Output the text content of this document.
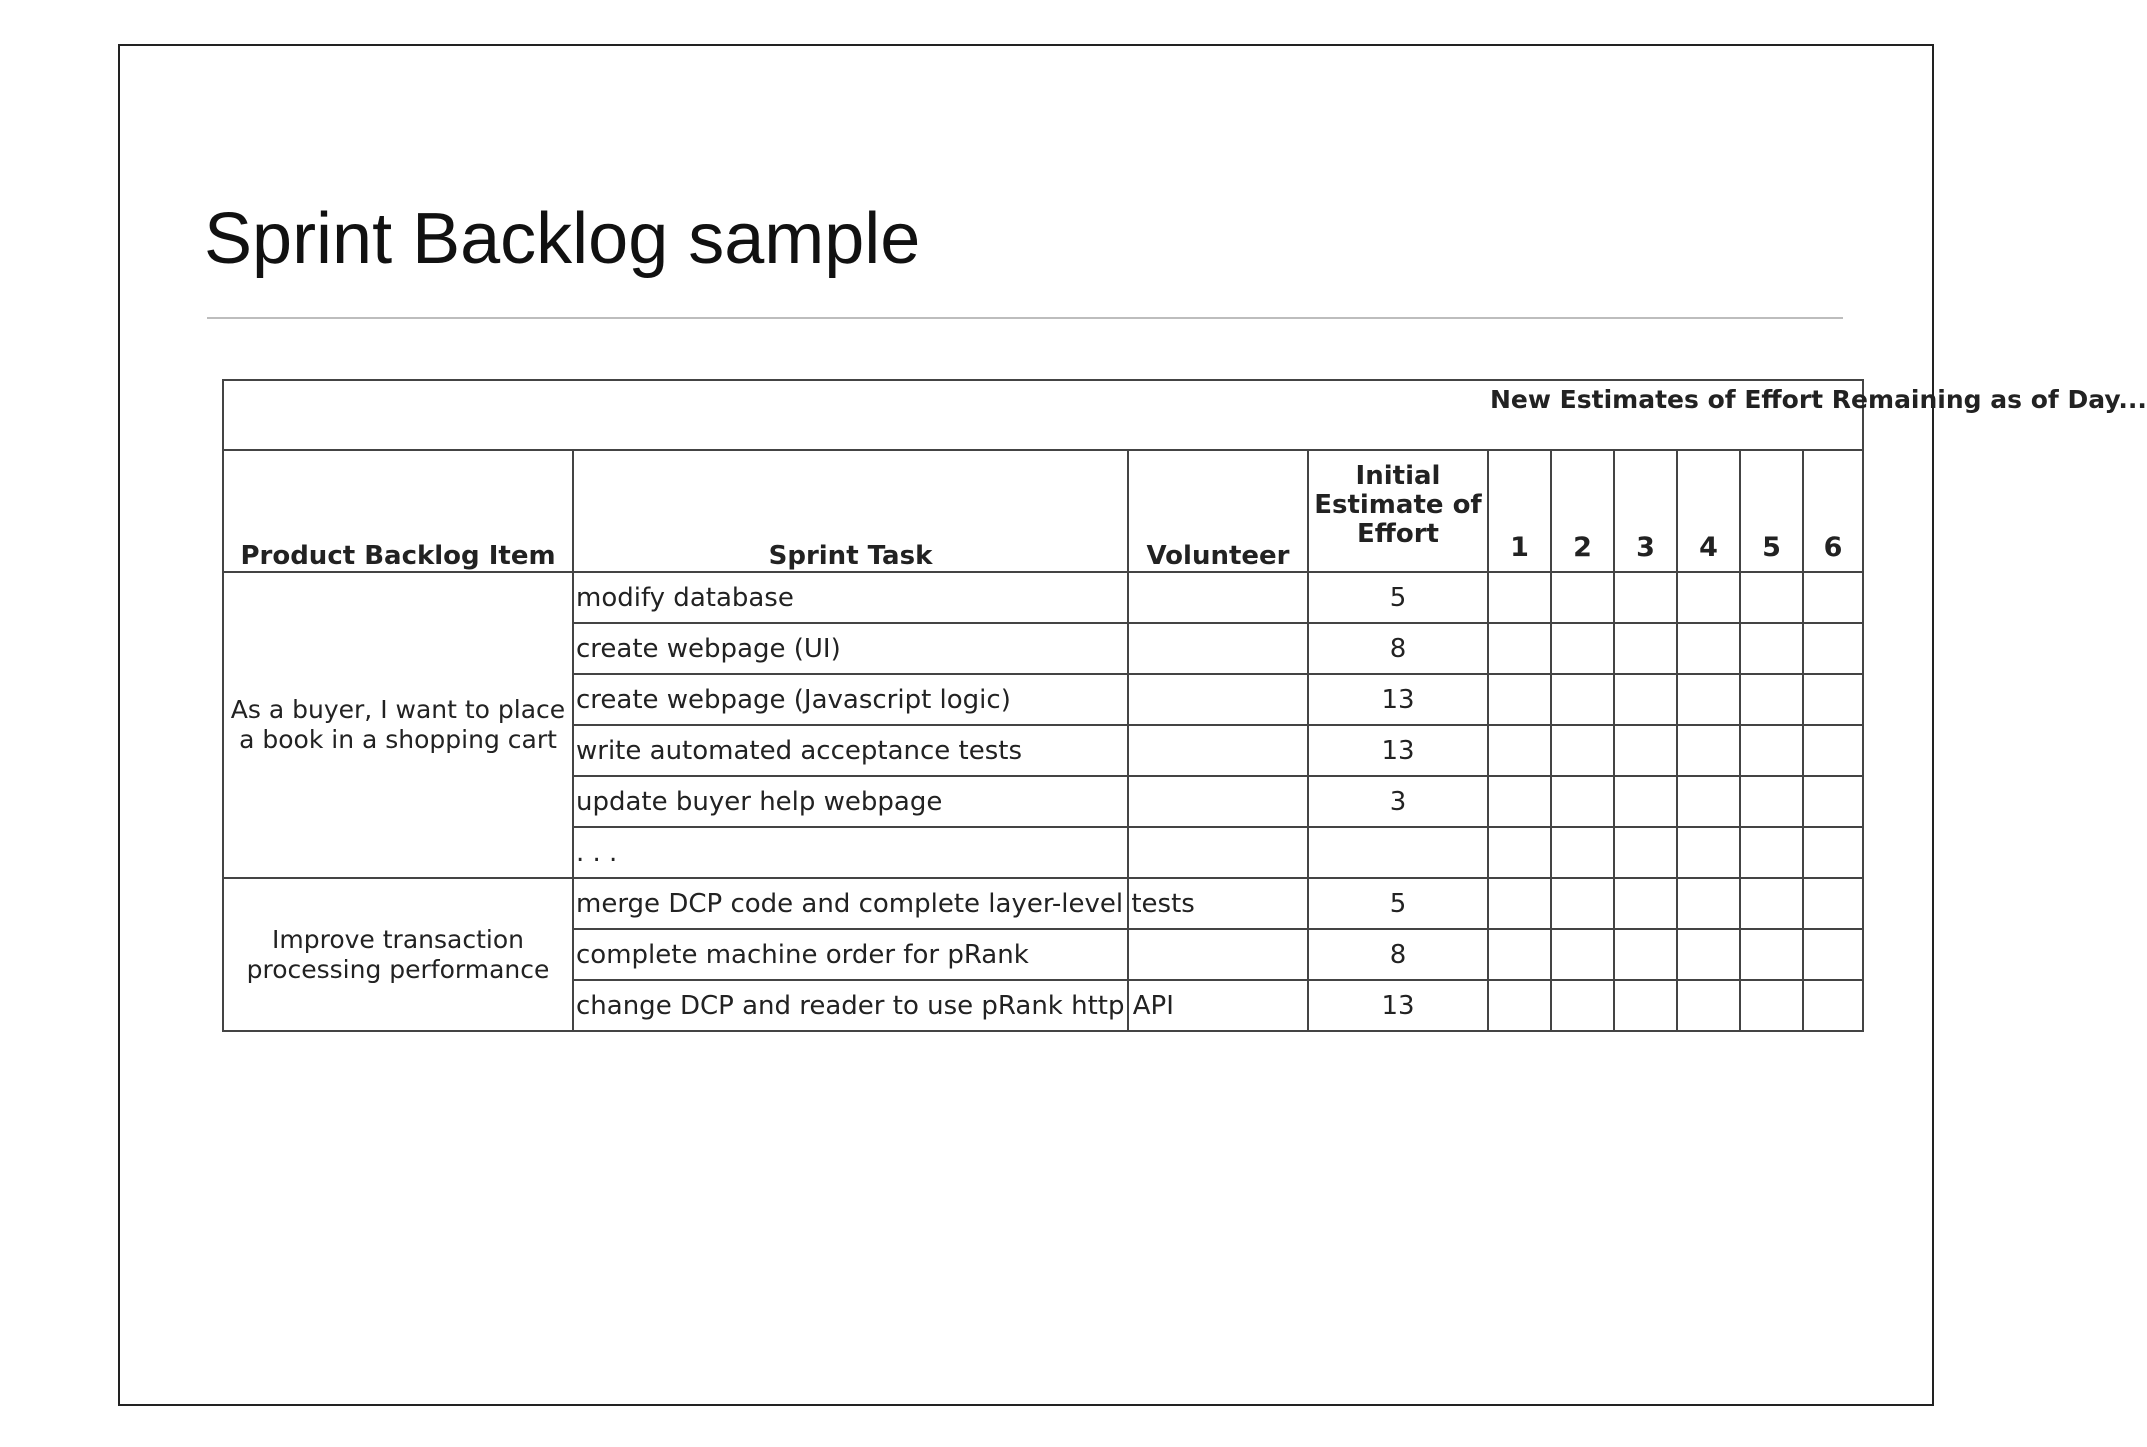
Sprint Backlog sample
				New Estimates of Effort Remaining as of Day...					
Product Backlog Item	Sprint Task	Volunteer	Initial Estimate of Effort	1	2	3	4	5	6
As a buyer, I want to place a book in a shopping cart	modify database		5						
	create webpage (UI)		8						
	create webpage (Javascript logic)		13						
	write automated acceptance tests		13						
	update buyer help webpage		3						
	. . .								
Improve transaction processing performance	merge DCP code and complete layer-level tests		5						
	complete machine order for pRank		8						
	change DCP and reader to use pRank http API		13						
